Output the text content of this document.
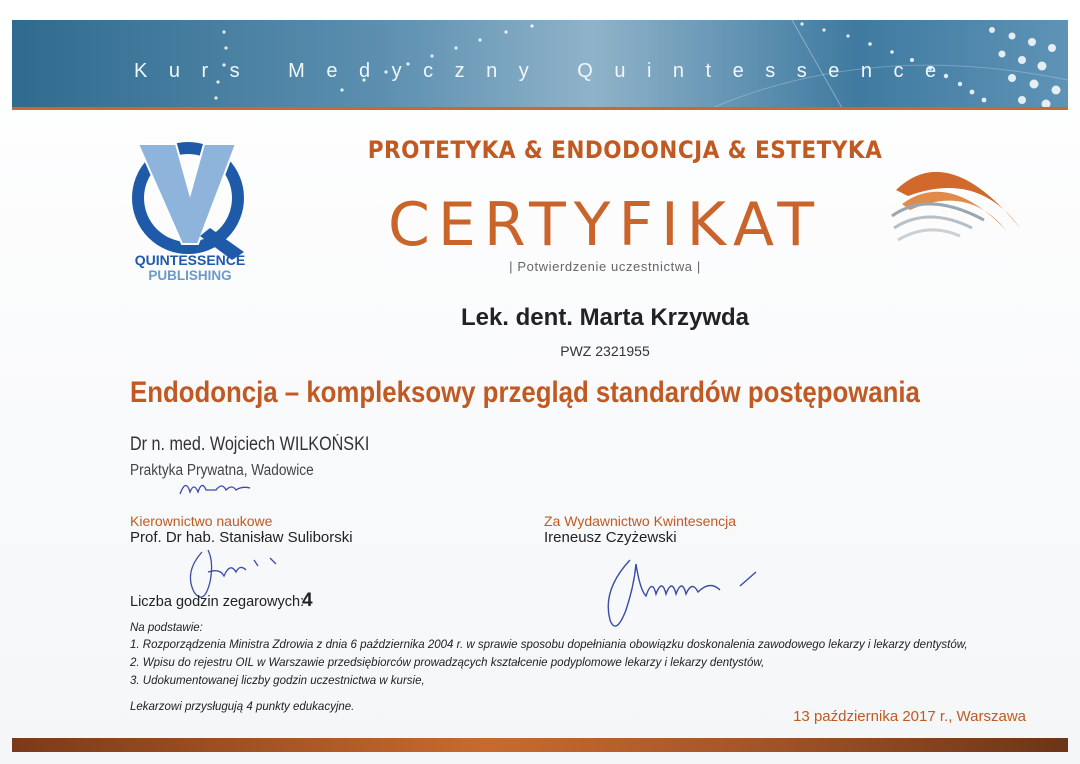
Kurs Medyczny Quintessence
QUINTESSENCE
PUBLISHING
PROTETYKA & ENDODONCJA & ESTETYKA
CERTYFIKAT
| Potwierdzenie uczestnictwa |
Lek. dent. Marta Krzywda
PWZ 2321955
Endodoncja – kompleksowy przegląd standardów postępowania
Dr n. med. Wojciech WILKOŃSKI
Praktyka Prywatna, Wadowice
Kierownictwo naukowe
Prof. Dr hab. Stanisław Suliborski
Za Wydawnictwo Kwintesencja
Ireneusz Czyżewski
Liczba godzin zegarowych:
4
Na podstawie:
1. Rozporządzenia Ministra Zdrowia z dnia 6 października 2004 r. w sprawie sposobu dopełniania obowiązku doskonalenia zawodowego lekarzy i lekarzy dentystów,
2. Wpisu do rejestru OIL w Warszawie przedsiębiorców prowadzących kształcenie podyplomowe lekarzy i lekarzy dentystów,
3. Udokumentowanej liczby godzin uczestnictwa w kursie,
Lekarzowi przysługują 4 punkty edukacyjne.
13 października 2017 r., Warszawa
